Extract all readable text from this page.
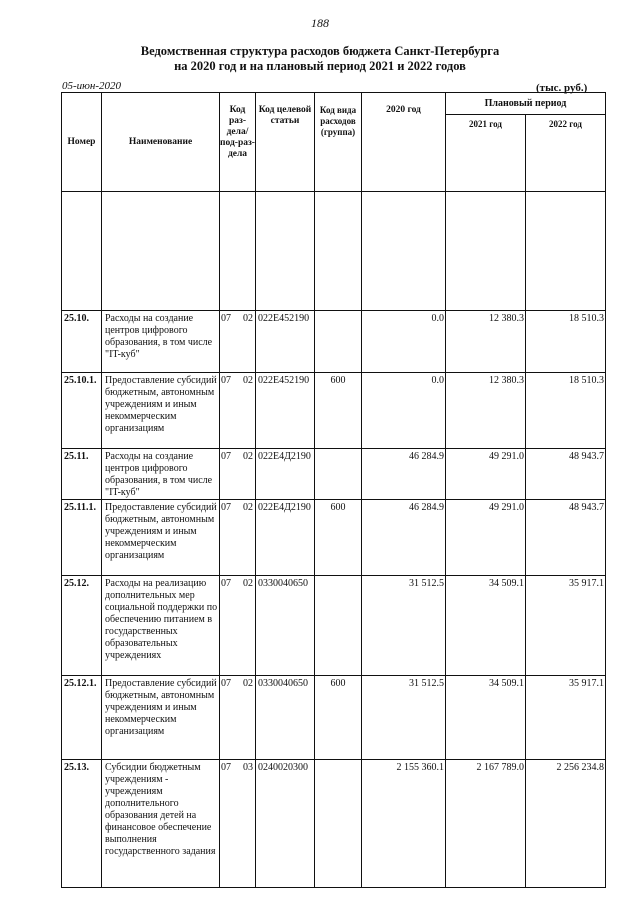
188
Ведомственная структура расходов бюджета Санкт-Петербурга
на 2020 год и на плановый период 2021 и 2022 годов
05-июн-2020	(тыс. руб.)
Номер	Наименование	Код раз-дела/ под-раз-дела	Код целевой статьи	Код вида расходов (группа)	2020 год	Плановый период	
						2021 год	2022 год

25.10.	Расходы на создание центров цифрового образования, в том числе "IT-куб"	07 02	022Е452190		0.0	12 380.3	18 510.3
25.10.1.	Предоставление субсидий бюджетным, автономным учреждениям и иным некоммерческим организациям	07 02	022Е452190	600	0.0	12 380.3	18 510.3
25.11.	Расходы на создание центров цифрового образования, в том числе "IT-куб"	07 02	022Е4Д2190		46 284.9	49 291.0	48 943.7
25.11.1.	Предоставление субсидий бюджетным, автономным учреждениям и иным некоммерческим организациям	07 02	022Е4Д2190	600	46 284.9	49 291.0	48 943.7
25.12.	Расходы на реализацию дополнительных мер социальной поддержки по обеспечению питанием в государственных образовательных учреждениях	07 02	0330040650		31 512.5	34 509.1	35 917.1
25.12.1.	Предоставление субсидий бюджетным, автономным учреждениям и иным некоммерческим организациям	07 02	0330040650	600	31 512.5	34 509.1	35 917.1
25.13.	Субсидии бюджетным учреждениям - учреждениям дополнительного образования детей на финансовое обеспечение выполнения государственного задания	07 03	0240020300		2 155 360.1	2 167 789.0	2 256 234.8
